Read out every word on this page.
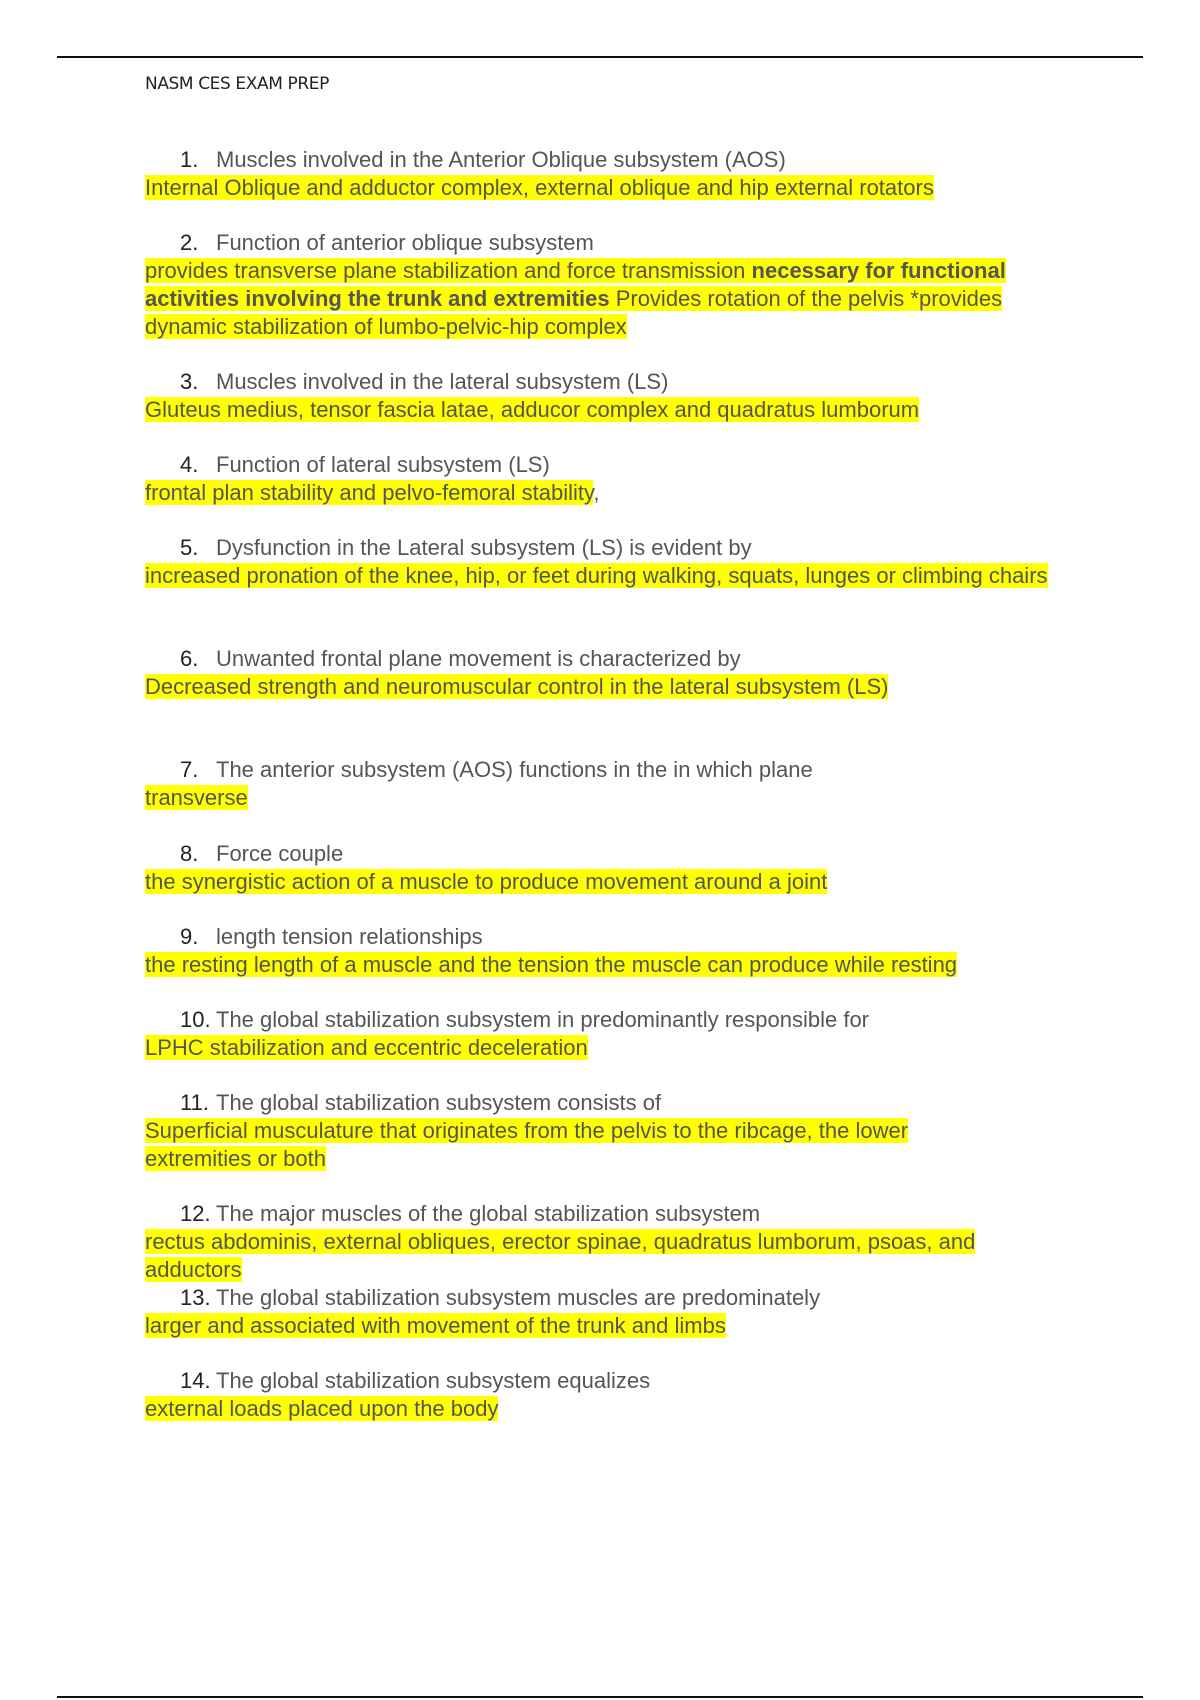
NASM CES EXAM PREP
1. Muscles involved in the Anterior Oblique subsystem (AOS)
Internal Oblique and adductor complex, external oblique and hip external rotators
2. Function of anterior oblique subsystem
provides transverse plane stabilization and force transmission necessary for functional activities involving the trunk and extremities Provides rotation of the pelvis *provides dynamic stabilization of lumbo-pelvic-hip complex
3. Muscles involved in the lateral subsystem (LS)
Gluteus medius, tensor fascia latae, adducor complex and quadratus lumborum
4. Function of lateral subsystem (LS)
frontal plan stability and pelvo-femoral stability,
5. Dysfunction in the Lateral subsystem (LS) is evident by
increased pronation of the knee, hip, or feet during walking, squats, lunges or climbing chairs
6. Unwanted frontal plane movement is characterized by
Decreased strength and neuromuscular control in the lateral subsystem (LS)
7. The anterior subsystem (AOS) functions in the in which plane
transverse
8. Force couple
the synergistic action of a muscle to produce movement around a joint
9. length tension relationships
the resting length of a muscle and the tension the muscle can produce while resting
10. The global stabilization subsystem in predominantly responsible for
LPHC stabilization and eccentric deceleration
11. The global stabilization subsystem consists of
Superficial musculature that originates from the pelvis to the ribcage, the lower extremities or both
12. The major muscles of the global stabilization subsystem
rectus abdominis, external obliques, erector spinae, quadratus lumborum, psoas, and adductors
13. The global stabilization subsystem muscles are predominately
larger and associated with movement of the trunk and limbs
14. The global stabilization subsystem equalizes
external loads placed upon the body
